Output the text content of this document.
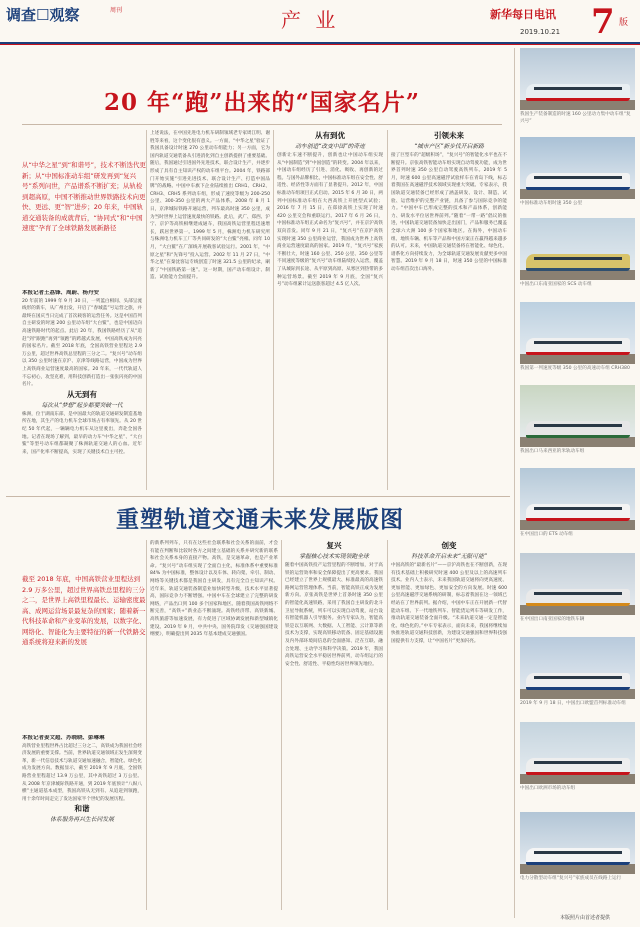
调查☐观察	周刊	产 业	新华每日电讯 7 版
2019.10.21
20 年“跑”出来的“国家名片”
从“中华之星”到“和谐号”，技术不断迭代更新；从“中国标准动车组”研发再到“复兴号”系列问世，产品谱系不断扩充；从轨检到超高原，中国不断推动世界铁路技术向更快、更远、更“智”进步；20 年来，中国轨道交通装备的成就背后，“协同式”和“中国速度”孕育了全球铁路发展新路径
本报记者王荔锋、周蔚、杨丹安
20 年前的 1999 年 9 月 30 日，一列蓝白相间、头部呈流线形的新车，从广州出发，开启了“春城蓝”号运营之旅，并最终在国庆当日完成了首次载客的运营任务。这是中国首列自主研发的时速 200 公里动车组“大白鲨”，也是中国迈向高速铁路时代的起点。此后 20 年，我国铁路经历了从“追赶”到“跟跑”再到“领跑”的跨越式发展，中国高铁成为闪亮的国家名片。截至 2018 年底，全国高铁营业里程达 2.9 万公里，超过世界高铁总里程的三分之二。“复兴号”动车组以 350 公里时速在京沪、京津等线路运营，中国成为世界上高铁商业运营速度最高的国家。20 年来，一代代轨道人不忘初心，攻坚克难，用科技创新打造出一张张闪亮的中国名片。
从无到有
每次从“梦想”起步都要突破一代
株洲，位于湖南东部，是中国最大的轨道交通研发制造基地所在地，其生产的电力机车全球市场占有率领先。从 20 世纪 50 年代起，一辆辆电力机车从这里驶出，奔赴全国各地。记者在现场了解到，最早的动力车“中华之星”、“大白鲨”等型号动车组都凝聚了株洲轨道交通人的心血。近年来，国产化率不断提高，实现了关键技术自主可控。
上述说法，在中国先进电力机车研制领域老专家周江明、谢胜等来看，这个变化很有意义。一方面，“中华之星”验证了我国具备设计时速 270 公里动车组能力；另一方面，它为国内轨道交通装备从引进消化到自主创新提供了重要基础。随后，我国通过引进国外先进技术，联合设计生产，并逐步形成了具有自主知识产权的动车组平台。2004 年，铁路部门开始实施“引进先进技术、联合设计生产、打造中国品牌”的战略。中国中车旗下企业陆续推出 CRH1、CRH2、CRH3、CRH5 系列动车组，形成了速度等级为 200-250 公里、300-350 公里的两大产品体系。2008 年 8 月 1 日，京津城际铁路开通运营，列车最高时速 350 公里，成为当时世界上运营速度最快的铁路。此后，武广、郑西、沪宁、京沪等高铁相继建成通车，我国高铁运营里程迅速增长，跃居世界第一。1999 年 5 月，株洲电力机车研究所与株洲电力机车工厂等共同研发的“大白鲨”亮相。同年 10 月，“大白鲨”在广深线开展载客试验运行。2001 年，“中原之星”和“先锋号”投入运营。2002 年 11 月 27 日，“中华之星”在秦沈客运专线创造了时速 321.5 公里的纪录，刷新了“中国铁路第一速”。这一时期，国产动车组设计、制造、试验能力全面提升。
从有到优
动车创造“改变中国”的奇迹
创新让车速不断提升，创新也让中国动车组实现从“中国制造”到“中国创造”的转变。2004 年以来，中国动车组经历了引进、消化、吸收、再创新的过程。与国外品牌相比，中国标准动车组在安全性、舒适性、经济性等方面有了显著提升。2012 年，中国标准动车组项目正式启动。2015 年 6 月 30 日，两列中国标准动车组在大西高铁上开展型式试验；2016 年 7 月 15 日，在郑徐高铁上实现了时速 420 公里交会和重联运行。2017 年 6 月 26 日，中国标准动车组正式命名为“复兴号”，并在京沪高铁双向首发。同年 9 月 21 日，“复兴号”在京沪高铁实现时速 350 公里商业运营，我国成为世界上高铁商业运营速度最高的国家。2019 年，“复兴号”家族不断壮大，时速 160 公里、250 公里、350 公里等不同速度等级的“复兴号”动车组陆续投入运营，覆盖了从城际到长途、从平原到高原、从寒区到热带的多种运营场景。截至 2019 年 9 月底，全国“复兴号”动车组累计运送旅客超过 4.5 亿人次。
引领未来
“城市产区”新步伐开启新路
接了巨型车的“超级积场”，“复兴号”的智能化水平也在不断提升。京张高铁智能动车组实现自动驾驶功能，成为世界首列时速 350 公里自动驾驶高铁列车。2019 年 5 月，时速 600 公里高速磁浮试验样车在青岛下线，标志着我国在高速磁浮技术领域实现重大突破。专家表示，我国轨道交通装备已经形成了涵盖研发、设计、制造、试验、运营维护的完整产业链，具备了参与国际竞争的能力。“中国中车已形成完整的技术和产品体系，创新能力、研发水平位居世界前列。”随着“一带一路”倡议的推进，中国轨道交通装备加快走出国门，产品和服务已覆盖全球六大洲 100 多个国家和地区。在海外，中国动车组、地铁车辆、机车等产品和中国方案正在赢得越来越多的认可。未来，中国轨道交通装备将在智能化、绿色化、谱系化方向持续发力，为全球轨道交通发展贡献更多中国智慧。2019 年 9 月 18 日，时速 350 公里的中国标准动车组首次出口海外。
重塑轨道交通未来发展版图
截至 2018 年底，中国高铁营业里程达到 2.9 万多公里，超过世界高铁总里程的三分之二，是世界上高铁里程最长、运输密度最高、成网运营场景最复杂的国家；随着新一代科技革命和产业变革的发展，以数字化、网络化、智能化为主要特征的新一代铁路交通系统将迎来新的发展
本报记者姜文超、苏晓晓、彭琳琳
高铁营业里程世界占比超过三分之二，高铁成为我国社会经济发展的重要支撑。当前，世界轨道交通领域正发生深刻变革，新一代信息技术与轨道交通加速融合，智能化、绿色化成为发展方向。数据显示，截至 2019 年 9 月底，全国铁路营业里程超过 13.9 万公里，其中高铁超过 3 万公里。从 2008 年京津城际铁路开通，到 2019 年底预计“八纵八横”主通道基本成型，我国高铁从无到有、从追赶到领跑，用十余年时间走完了发达国家半个世纪的发展历程。
和谐
体系服务再兴生长同发展
的新系列列车，只有在这些社会联系和社会关系的面前，才会有能在判断和比较时各方之间建立基础的关系并研究新的联系和社会关系本身的直接产物。高铁，是交通革命，也是产业革命。“复兴号”动车组实现了全面自主化，标准体系中重要标准 84% 为中国标准，整体设计以及车体、转向架、牵引、制动、网络等关键技术都是我国自主研发，具有完全自主知识产权。近年来，轨道交通装备制造业加快转型升级，技术水平显著提高，国际竞争力不断增强。中国中车在全球建立了完整的研发网络，产品出口到 100 多个国家和地区。随着我国高铁网络不断完善，“高铁+”新业态不断涌现。高铁经济带、高铁新城、高铁旅游等加速发展，有力促进了区域协调发展和新型城镇化建设。2019 年 9 月，中共中央、国务院印发《交通强国建设纲要》，明确提出到 2035 年基本建成交通强国。
复兴
掌握核心技术实现领跑全球
随着中国高铁投产运营里程的不断增加，对于高铁的运营效率和安全保障提出了更高要求。我国已经建立了世界上规模最大、标准最高的高速铁路网运营管理体系。当前，智能高铁正成为发展新方向。京张高铁是世界上首条时速 350 公里的智能化高速铁路，采用了我国自主研发的北斗卫星导航系统，列车可以实现自动驾驶，站台设有智能机器人引导服务。业内专家认为，智能高铁是以互联网、大数据、人工智能、云计算等新技术为支撑，实现高铁移动装备、固定基础设施及内外部环境间信息的全面感知、泛在互联、融合处理、主动学习和科学决策。2019 年，我国高铁运营安全水平稳居世界前列，动车组运行的安全性、舒适性、平稳性均居世界领先地位。
创变
科技革命开启未来“无限可能”
中国高铁的“最新名片”——京沪高铁也在不断创新，在现有技术基础上积极研究时速 400 公里及以上的高速列车技术。业内人士表示，未来我国轨道交通将向更高速度、更加智能、更加绿色、更加安全的方向发展。时速 600 公里高速磁浮交通系统的研制，标志着我国在这一领域已经站在了世界前列。据介绍，中国中车正在开展新一代智能动车组、下一代地铁列车、智能货运列车等研发工作，推动轨道交通装备全面升级。“未来轨道交通一定是智能化、绿色化的。”中车专家表示，面向未来，我国将继续加快推进轨道交通科技创新，为建设交通强国和世界科技强国提供有力支撑，让“中国名片”更加闪亮。
我国生产装备制造的时速 160 公里动力集中动车组“复兴号”
中国标准动车组时速 350 公里
中国出口东南亚国家的 SCS 动车组
我国第一列速度等级 350 公里的高速动车组 CRH380
我国出口马来西亚的米轨动车组
在中国出口的 ETS 动车组
在中国出口南亚国家的地铁车辆
2019 年 9 月 18 日，中国出口欧盟首列标准动车组
中国出口欧洲市场的动车组
电力分散型动车组“复兴号”家族成员在线路上运行
本版照片由首述者提供
